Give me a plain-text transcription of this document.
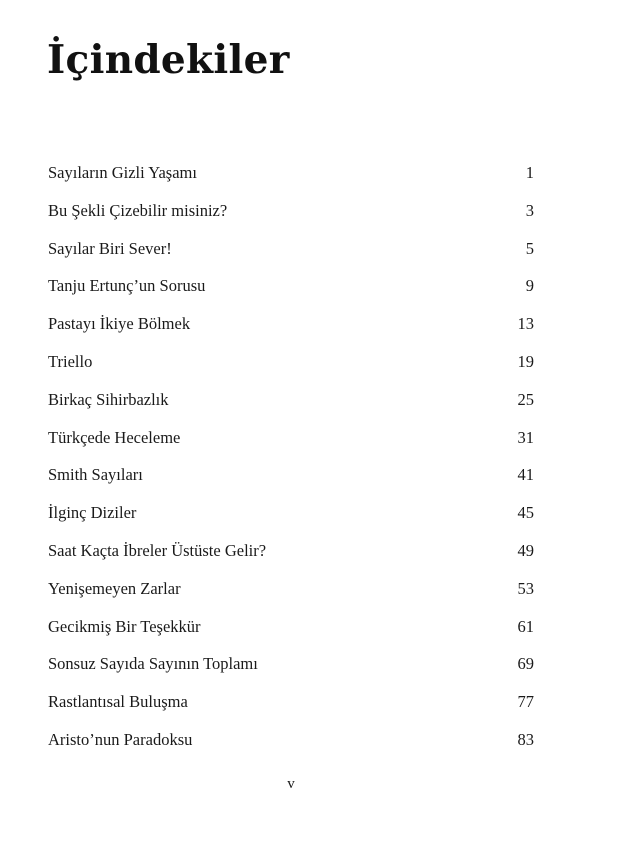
İçindekiler
Sayıların Gizli Yaşamı	1
Bu Şekli Çizebilir misiniz?	3
Sayılar Biri Sever!	5
Tanju Ertunç’un Sorusu	9
Pastayı İkiye Bölmek	13
Triello	19
Birkaç Sihirbazlık	25
Türkçede Heceleme	31
Smith Sayıları	41
İlginç Diziler	45
Saat Kaçta İbreler Üstüste Gelir?	49
Yenişemeyen Zarlar	53
Gecikmiş Bir Teşekkür	61
Sonsuz Sayıda Sayının Toplamı	69
Rastlantısal Buluşma	77
Aristo’nun Paradoksu	83
v
